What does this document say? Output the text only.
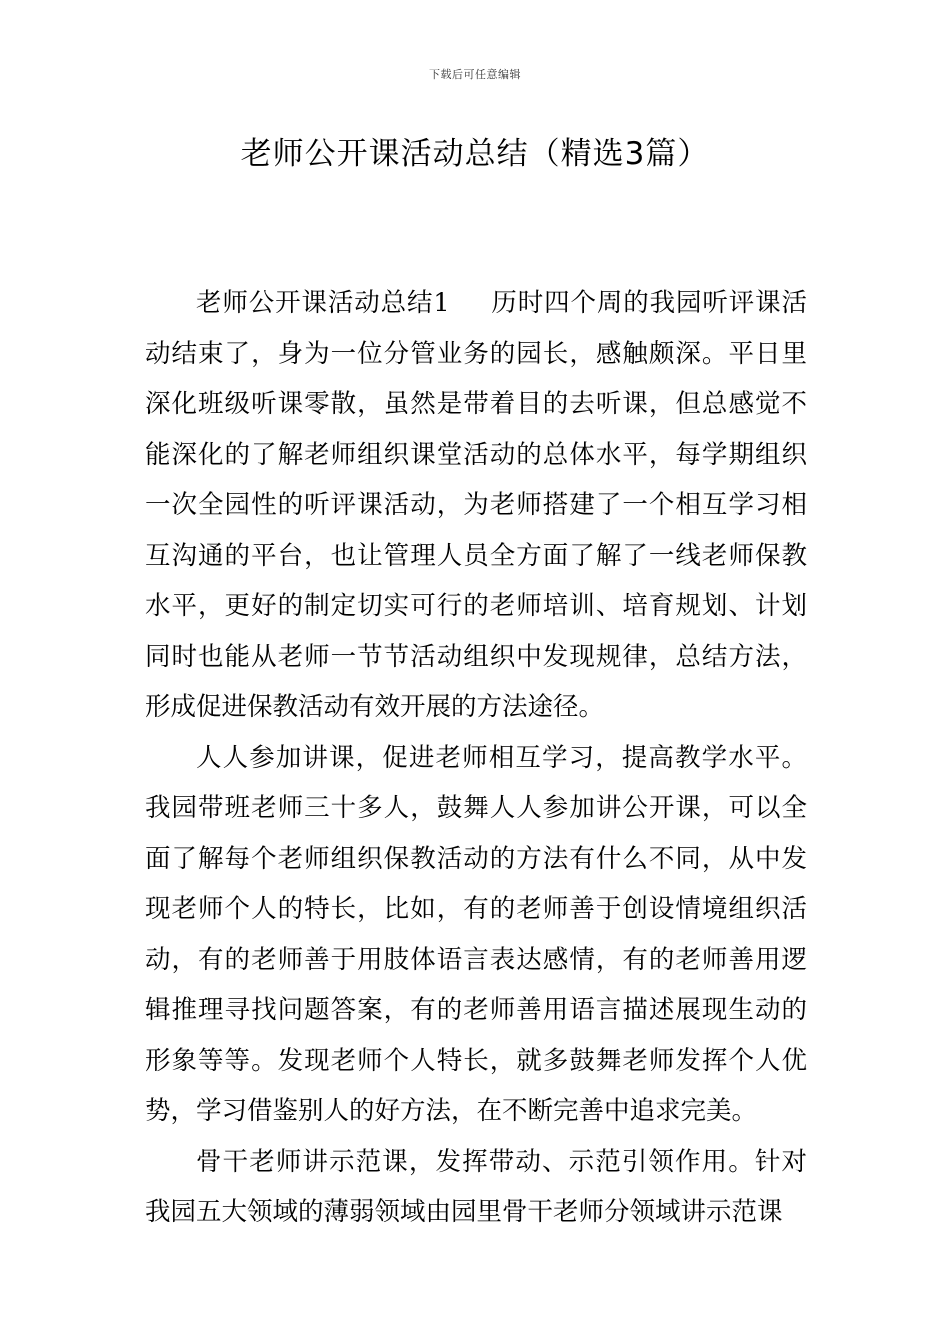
下载后可任意编辑
老师公开课活动总结（精选3篇）

老师公开课活动总结1 历时四个周的我园听评课活动结束了，身为一位分管业务的园长，感触颇深。平日里深化班级听课零散，虽然是带着目的去听课，但总感觉不能深化的了解老师组织课堂活动的总体水平，每学期组织一次全园性的听评课活动，为老师搭建了一个相互学习相互沟通的平台，也让管理人员全方面了解了一线老师保教水平，更好的制定切实可行的老师培训、培育规划、计划同时也能从老师一节节活动组织中发现规律，总结方法，形成促进保教活动有效开展的方法途径。

人人参加讲课，促进老师相互学习，提高教学水平。我园带班老师三十多人，鼓舞人人参加讲公开课，可以全面了解每个老师组织保教活动的方法有什么不同，从中发现老师个人的特长，比如，有的老师善于创设情境组织活动，有的老师善于用肢体语言表达感情，有的老师善用逻辑推理寻找问题答案，有的老师善用语言描述展现生动的形象等等。发现老师个人特长，就多鼓舞老师发挥个人优势，学习借鉴别人的好方法，在不断完善中追求完美。

骨干老师讲示范课，发挥带动、示范引领作用。针对我园五大领域的薄弱领域由园里骨干老师分领域讲示范课
